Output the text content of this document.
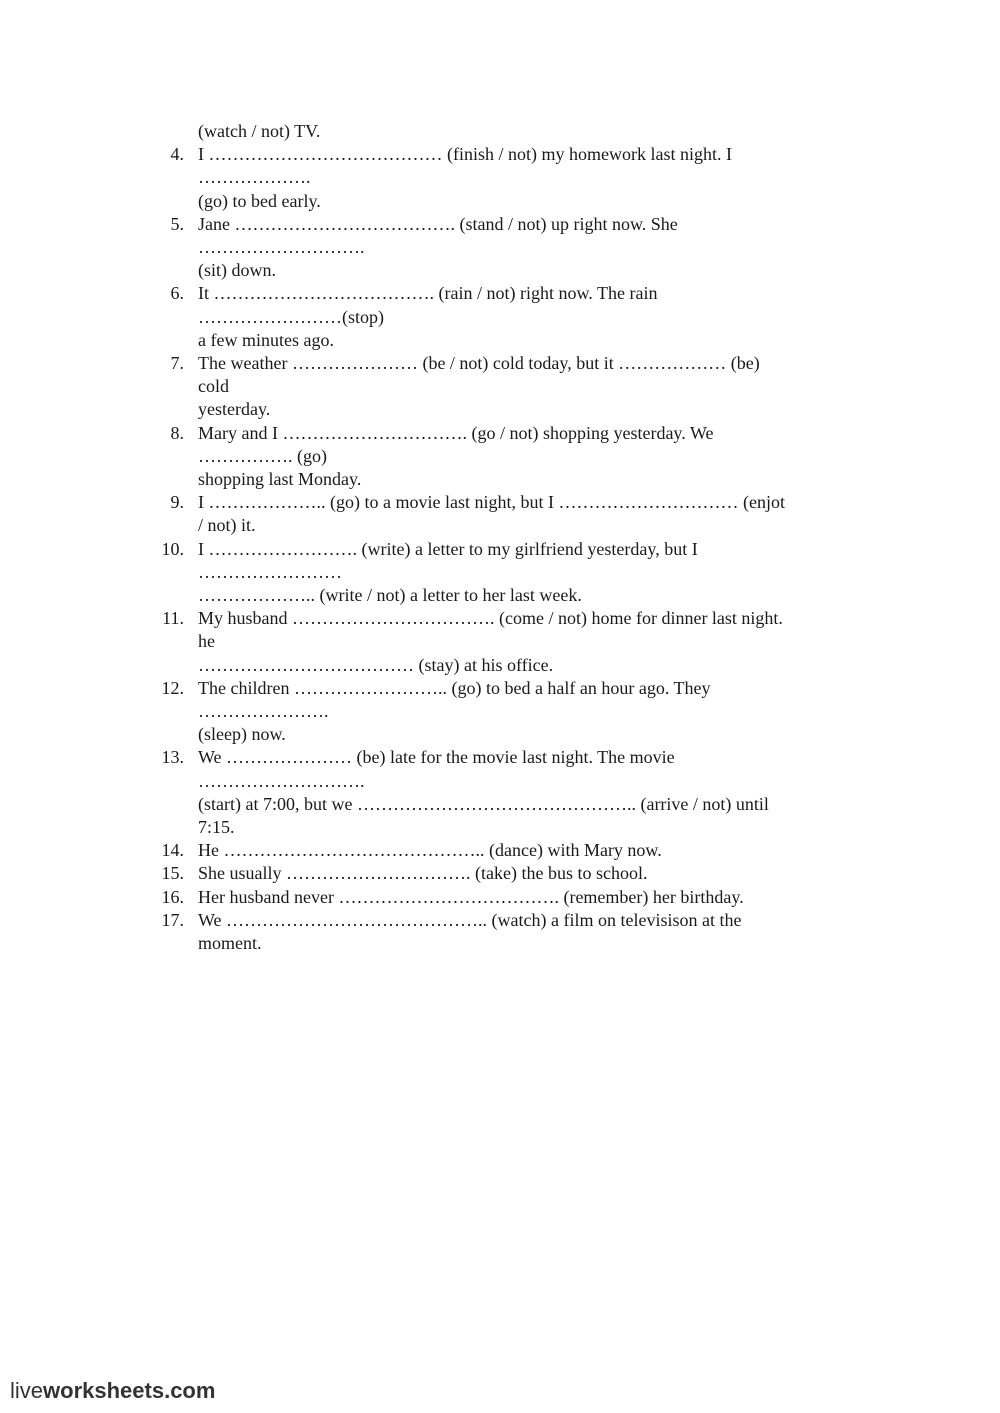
(watch / not) TV.
4. I ………………………………… (finish / not) my homework last night. I
……………….
(go) to bed early.
5. Jane ………………………………. (stand / not) up right now. She
……………………….
(sit) down.
6. It ………………………………. (rain / not) right now. The rain
……………………(stop)
a few minutes ago.
7. The weather ………………… (be / not) cold today, but it ……………… (be)
cold
yesterday.
8. Mary and I …………………………. (go / not) shopping yesterday. We
……………. (go)
shopping last Monday.
9. I ……………….. (go) to a movie last night, but I ………………………… (enjot
/ not) it.
10. I ……………………. (write) a letter to my girlfriend yesterday, but I
……………………
……………….. (write / not) a letter to her last week.
11. My husband ……………………………. (come / not) home for dinner last night.
he
……………………………… (stay) at his office.
12. The children …………………….. (go) to bed a half an hour ago. They
………………….
(sleep) now.
13. We ………………… (be) late for the movie last night. The movie
……………………….
(start) at 7:00, but we ……………………………………….. (arrive / not) until
7:15.
14. He …………………………………….. (dance) with Mary now.
15. She usually …………………………. (take) the bus to school.
16. Her husband never ………………………………. (remember) her birthday.
17. We …………………………………….. (watch) a film on televisison at the
moment.
liveworksheets.com
